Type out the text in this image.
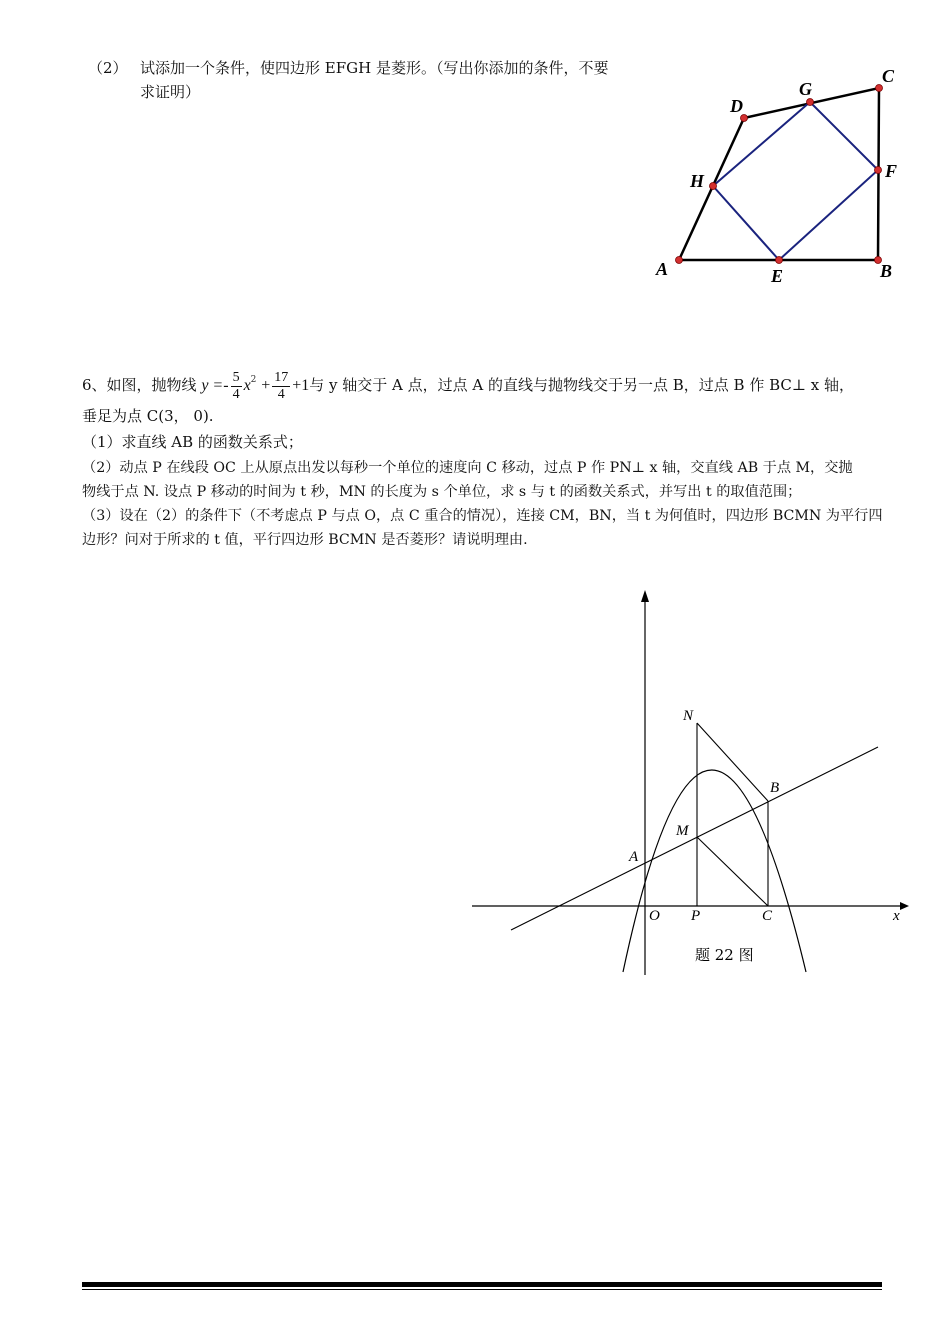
（2） 试添加一个条件，使四边形 EFGH 是菱形。（写出你添加的条件，不要
求证明）
A	B
C
D
E
F
G
H
6、如图，抛物线 $y =- \frac{5}{4} x^2 + \frac{17}{4} +1$与 y 轴交于 A 点，过点 A 的直线与抛物线交于另一点 B，过点 B 作 BC⊥ x 轴，
垂足为点 C(3， 0).
（1）求直线 AB 的函数关系式；
（2）动点 P 在线段 OC 上从原点出发以每秒一个单位的速度向 C 移动，过点 P 作 PN⊥ x 轴，交直线 AB 于点 M，交抛
物线于点 N. 设点 P 移动的时间为 t 秒，MN 的长度为 s 个单位，求 s 与 t 的函数关系式，并写出 t 的取值范围；
（3）设在（2）的条件下（不考虑点 P 与点 O，点 C 重合的情况），连接 CM，BN，当 t 为何值时，四边形 BCMN 为平行四
边形？问对于所求的 t 值，平行四边形 BCMN 是否菱形？请说明理由.
N
B
M
A
O P	C	x
题 22 图
